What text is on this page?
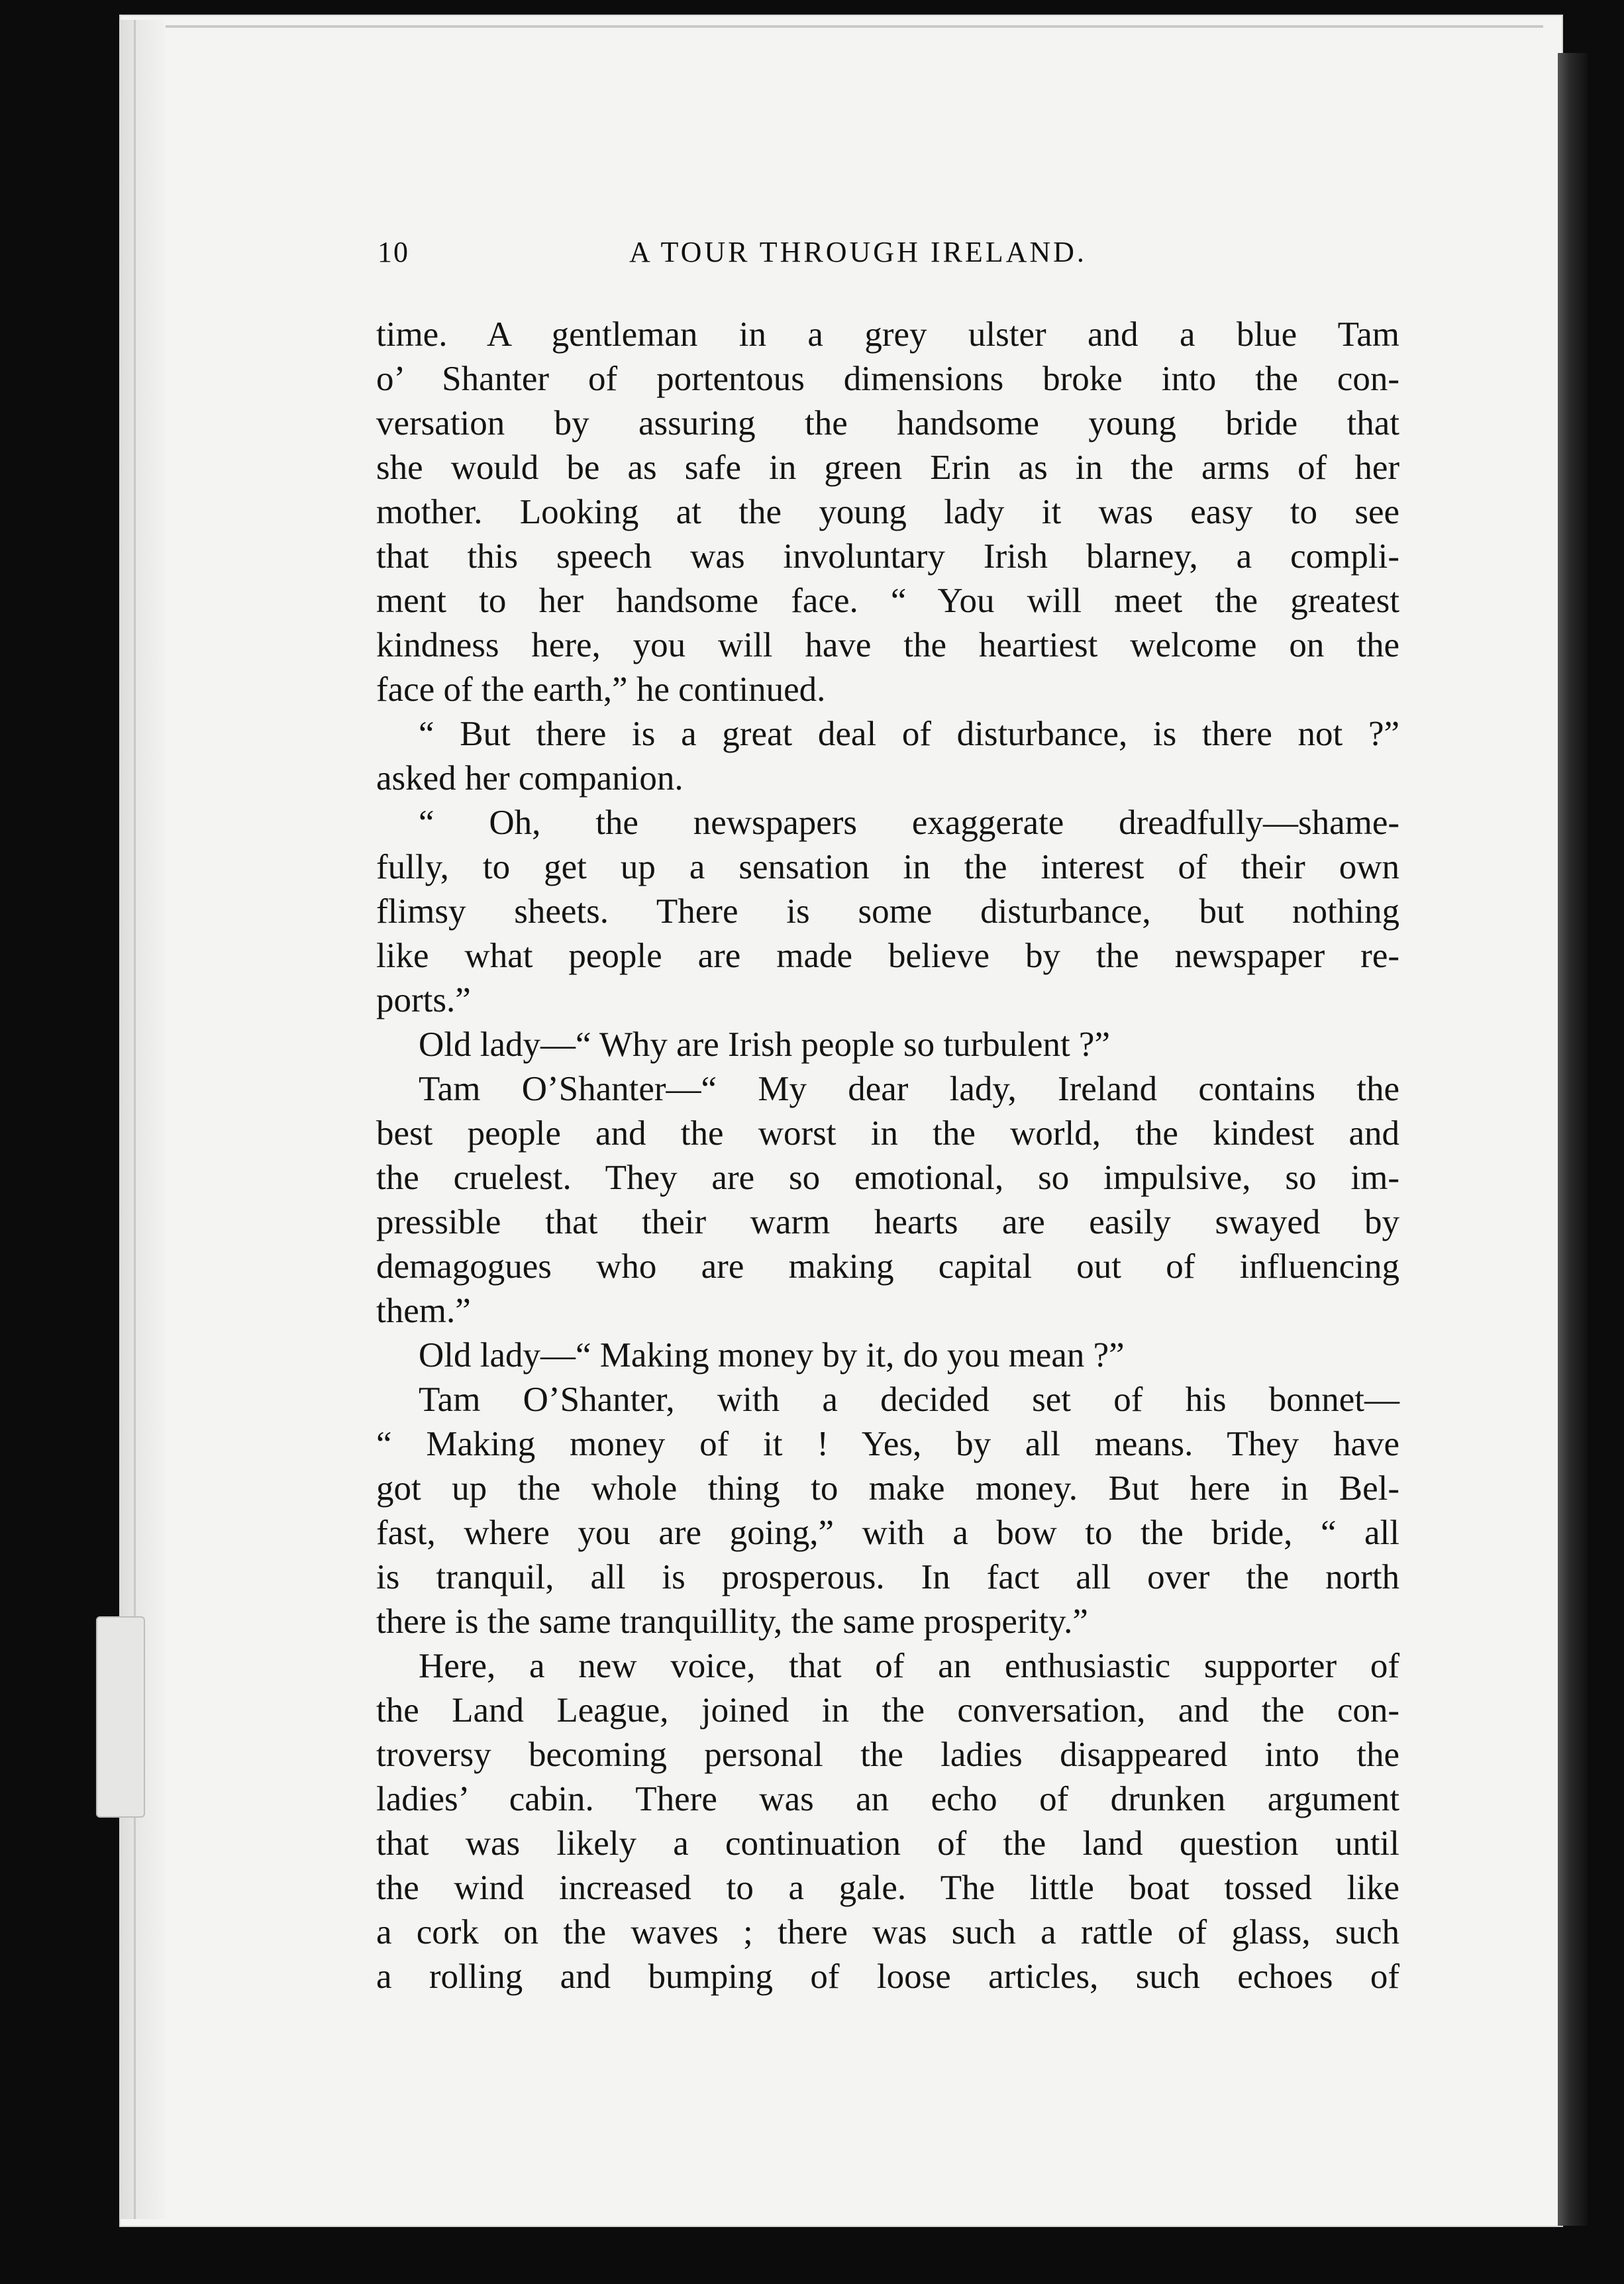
10	A TOUR THROUGH IRELAND.
time. A gentleman in a grey ulster and a blue Tam
o’ Shanter of portentous dimensions broke into the con-
versation by assuring the handsome young bride that
she would be as safe in green Erin as in the arms of her
mother. Looking at the young lady it was easy to see
that this speech was involuntary Irish blarney, a compli-
ment to her handsome face. “ You will meet the greatest
kindness here, you will have the heartiest welcome on the
face of the earth,” he continued.
“ But there is a great deal of disturbance, is there not ?”
asked her companion.
“ Oh, the newspapers exaggerate dreadfully—shame-
fully, to get up a sensation in the interest of their own
flimsy sheets. There is some disturbance, but nothing
like what people are made believe by the newspaper re-
ports.”
Old lady—“ Why are Irish people so turbulent ?”
Tam O’Shanter—“ My dear lady, Ireland contains the
best people and the worst in the world, the kindest and
the cruelest. They are so emotional, so impulsive, so im-
pressible that their warm hearts are easily swayed by
demagogues who are making capital out of influencing
them.”
Old lady—“ Making money by it, do you mean ?”
Tam O’Shanter, with a decided set of his bonnet—
“ Making money of it ! Yes, by all means. They have
got up the whole thing to make money. But here in Bel-
fast, where you are going,” with a bow to the bride, “ all
is tranquil, all is prosperous. In fact all over the north
there is the same tranquillity, the same prosperity.”
Here, a new voice, that of an enthusiastic supporter of
the Land League, joined in the conversation, and the con-
troversy becoming personal the ladies disappeared into the
ladies’ cabin. There was an echo of drunken argument
that was likely a continuation of the land question until
the wind increased to a gale. The little boat tossed like
a cork on the waves ; there was such a rattle of glass, such
a rolling and bumping of loose articles, such echoes of
